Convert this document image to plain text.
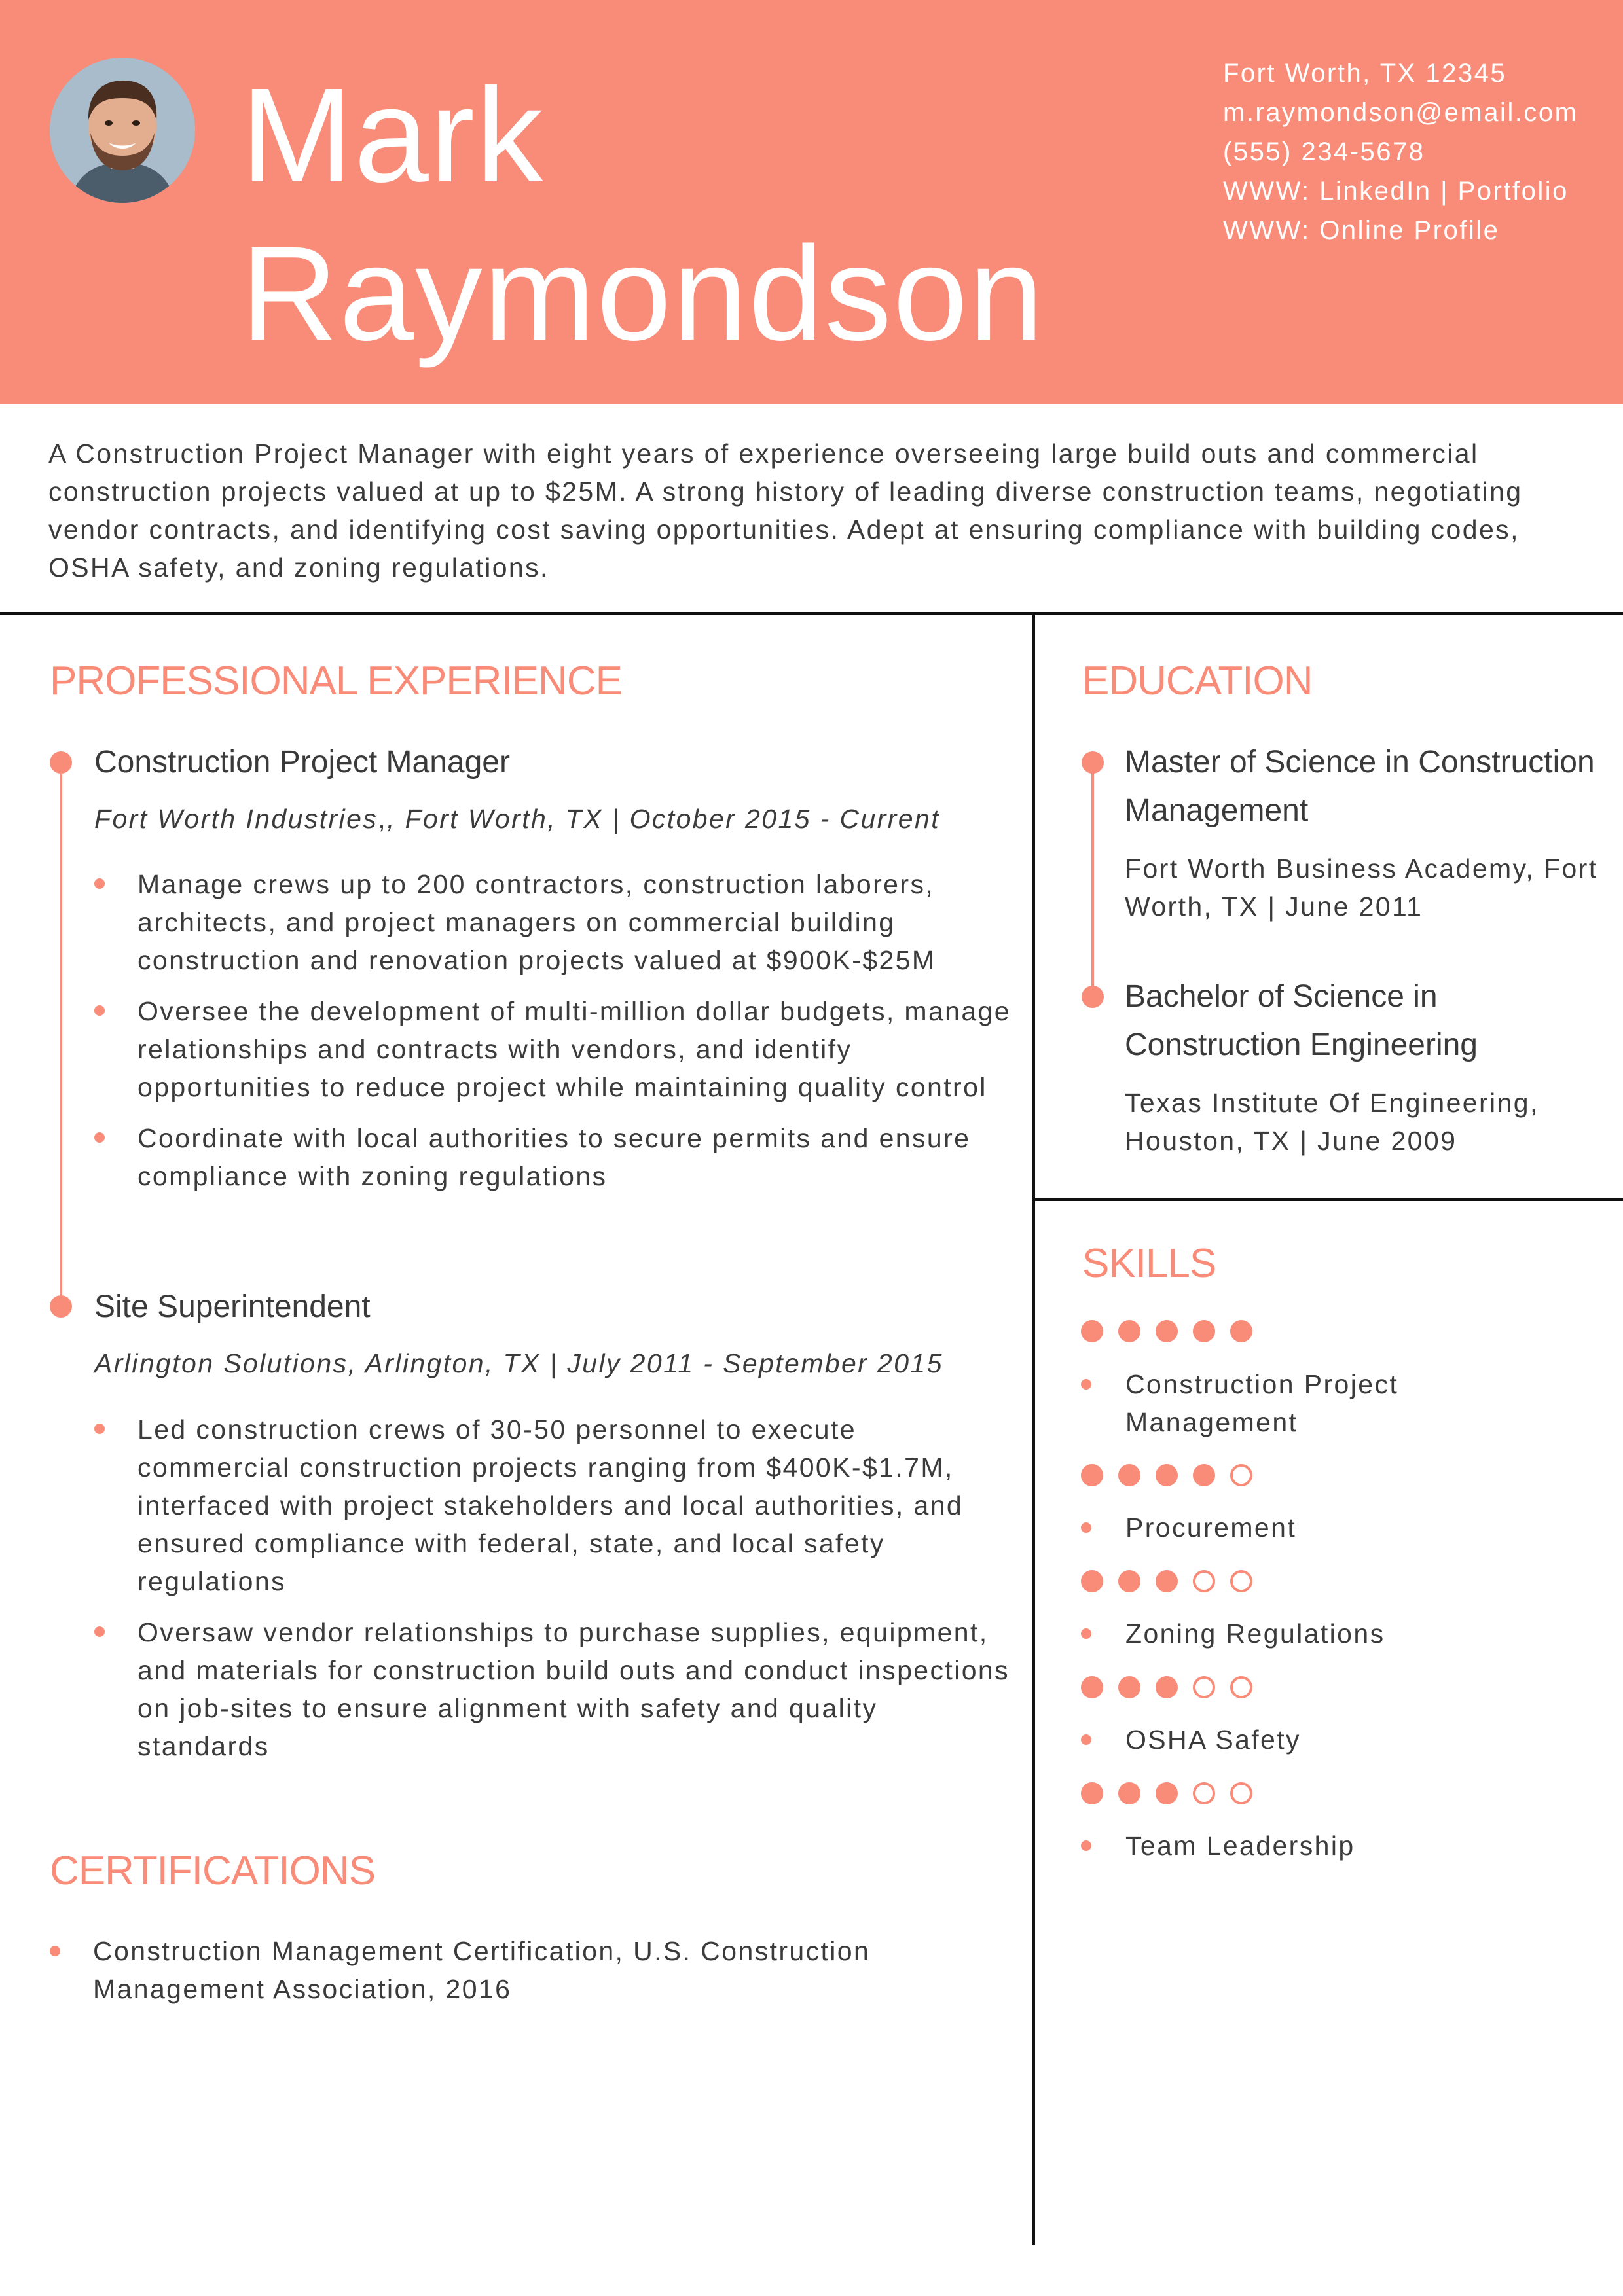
Mark
Raymondson
Fort Worth, TX 12345
m.raymondson@email.com
(555) 234-5678
WWW: LinkedIn | Portfolio
WWW: Online Profile
A Construction Project Manager with eight years of experience overseeing large build outs and commercial construction projects valued at up to $25M. A strong history of leading diverse construction teams, negotiating vendor contracts, and identifying cost saving opportunities. Adept at ensuring compliance with building codes, OSHA safety, and zoning regulations.
PROFESSIONAL EXPERIENCE
Construction Project Manager
Fort Worth Industries,, Fort Worth, TX | October 2015 - Current
Manage crews up to 200 contractors, construction laborers, architects, and project managers on commercial building construction and renovation projects valued at $900K-$25M
Oversee the development of multi-million dollar budgets, manage relationships and contracts with vendors, and identify opportunities to reduce project while maintaining quality control
Coordinate with local authorities to secure permits and ensure compliance with zoning regulations
Site Superintendent
Arlington Solutions, Arlington, TX | July 2011 - September 2015
Led construction crews of 30-50 personnel to execute commercial construction projects ranging from $400K-$1.7M, interfaced with project stakeholders and local authorities, and ensured compliance with federal, state, and local safety regulations
Oversaw vendor relationships to purchase supplies, equipment, and materials for construction build outs and conduct inspections on job-sites to ensure alignment with safety and quality standards
CERTIFICATIONS
Construction Management Certification, U.S. Construction Management Association, 2016
EDUCATION
Master of Science in Construction Management
Fort Worth Business Academy, Fort Worth, TX | June 2011
Bachelor of Science in Construction Engineering
Texas Institute Of Engineering, Houston, TX | June 2009
SKILLS
Construction Project Management
Procurement
Zoning Regulations
OSHA Safety
Team Leadership
